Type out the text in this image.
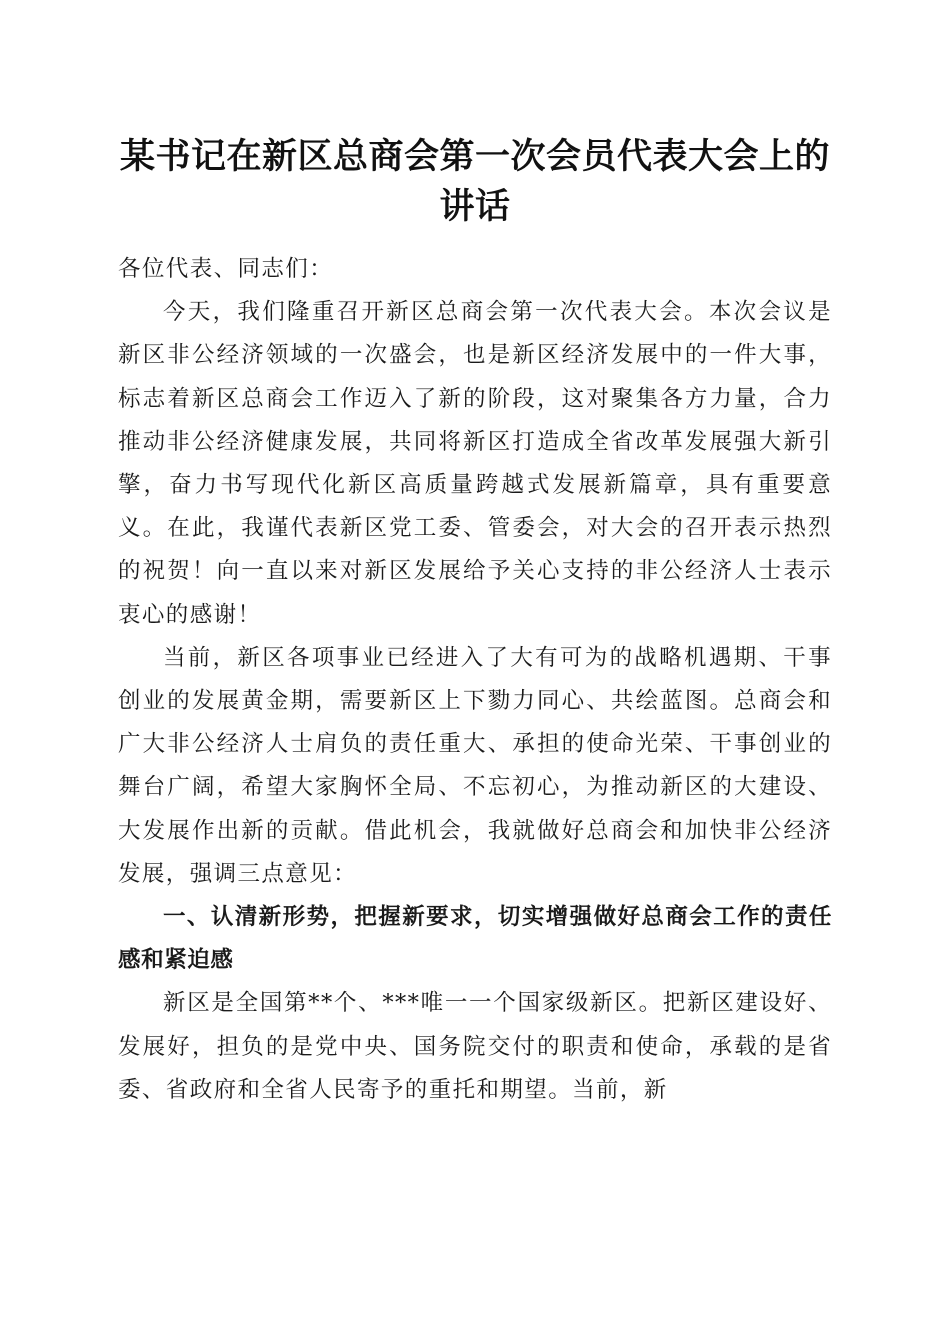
某书记在新区总商会第一次会员代表大会上的讲话

各位代表、同志们：

今天，我们隆重召开新区总商会第一次代表大会。本次会议是新区非公经济领域的一次盛会，也是新区经济发展中的一件大事，标志着新区总商会工作迈入了新的阶段，这对聚集各方力量，合力推动非公经济健康发展，共同将新区打造成全省改革发展强大新引擎，奋力书写现代化新区高质量跨越式发展新篇章，具有重要意义。在此，我谨代表新区党工委、管委会，对大会的召开表示热烈的祝贺！向一直以来对新区发展给予关心支持的非公经济人士表示衷心的感谢！

当前，新区各项事业已经进入了大有可为的战略机遇期、干事创业的发展黄金期，需要新区上下勠力同心、共绘蓝图。总商会和广大非公经济人士肩负的责任重大、承担的使命光荣、干事创业的舞台广阔，希望大家胸怀全局、不忘初心，为推动新区的大建设、大发展作出新的贡献。借此机会，我就做好总商会和加快非公经济发展，强调三点意见：

一、认清新形势，把握新要求，切实增强做好总商会工作的责任感和紧迫感

新区是全国第**个、***唯一一个国家级新区。把新区建设好、发展好，担负的是党中央、国务院交付的职责和使命，承载的是省委、省政府和全省人民寄予的重托和期望。当前，新
